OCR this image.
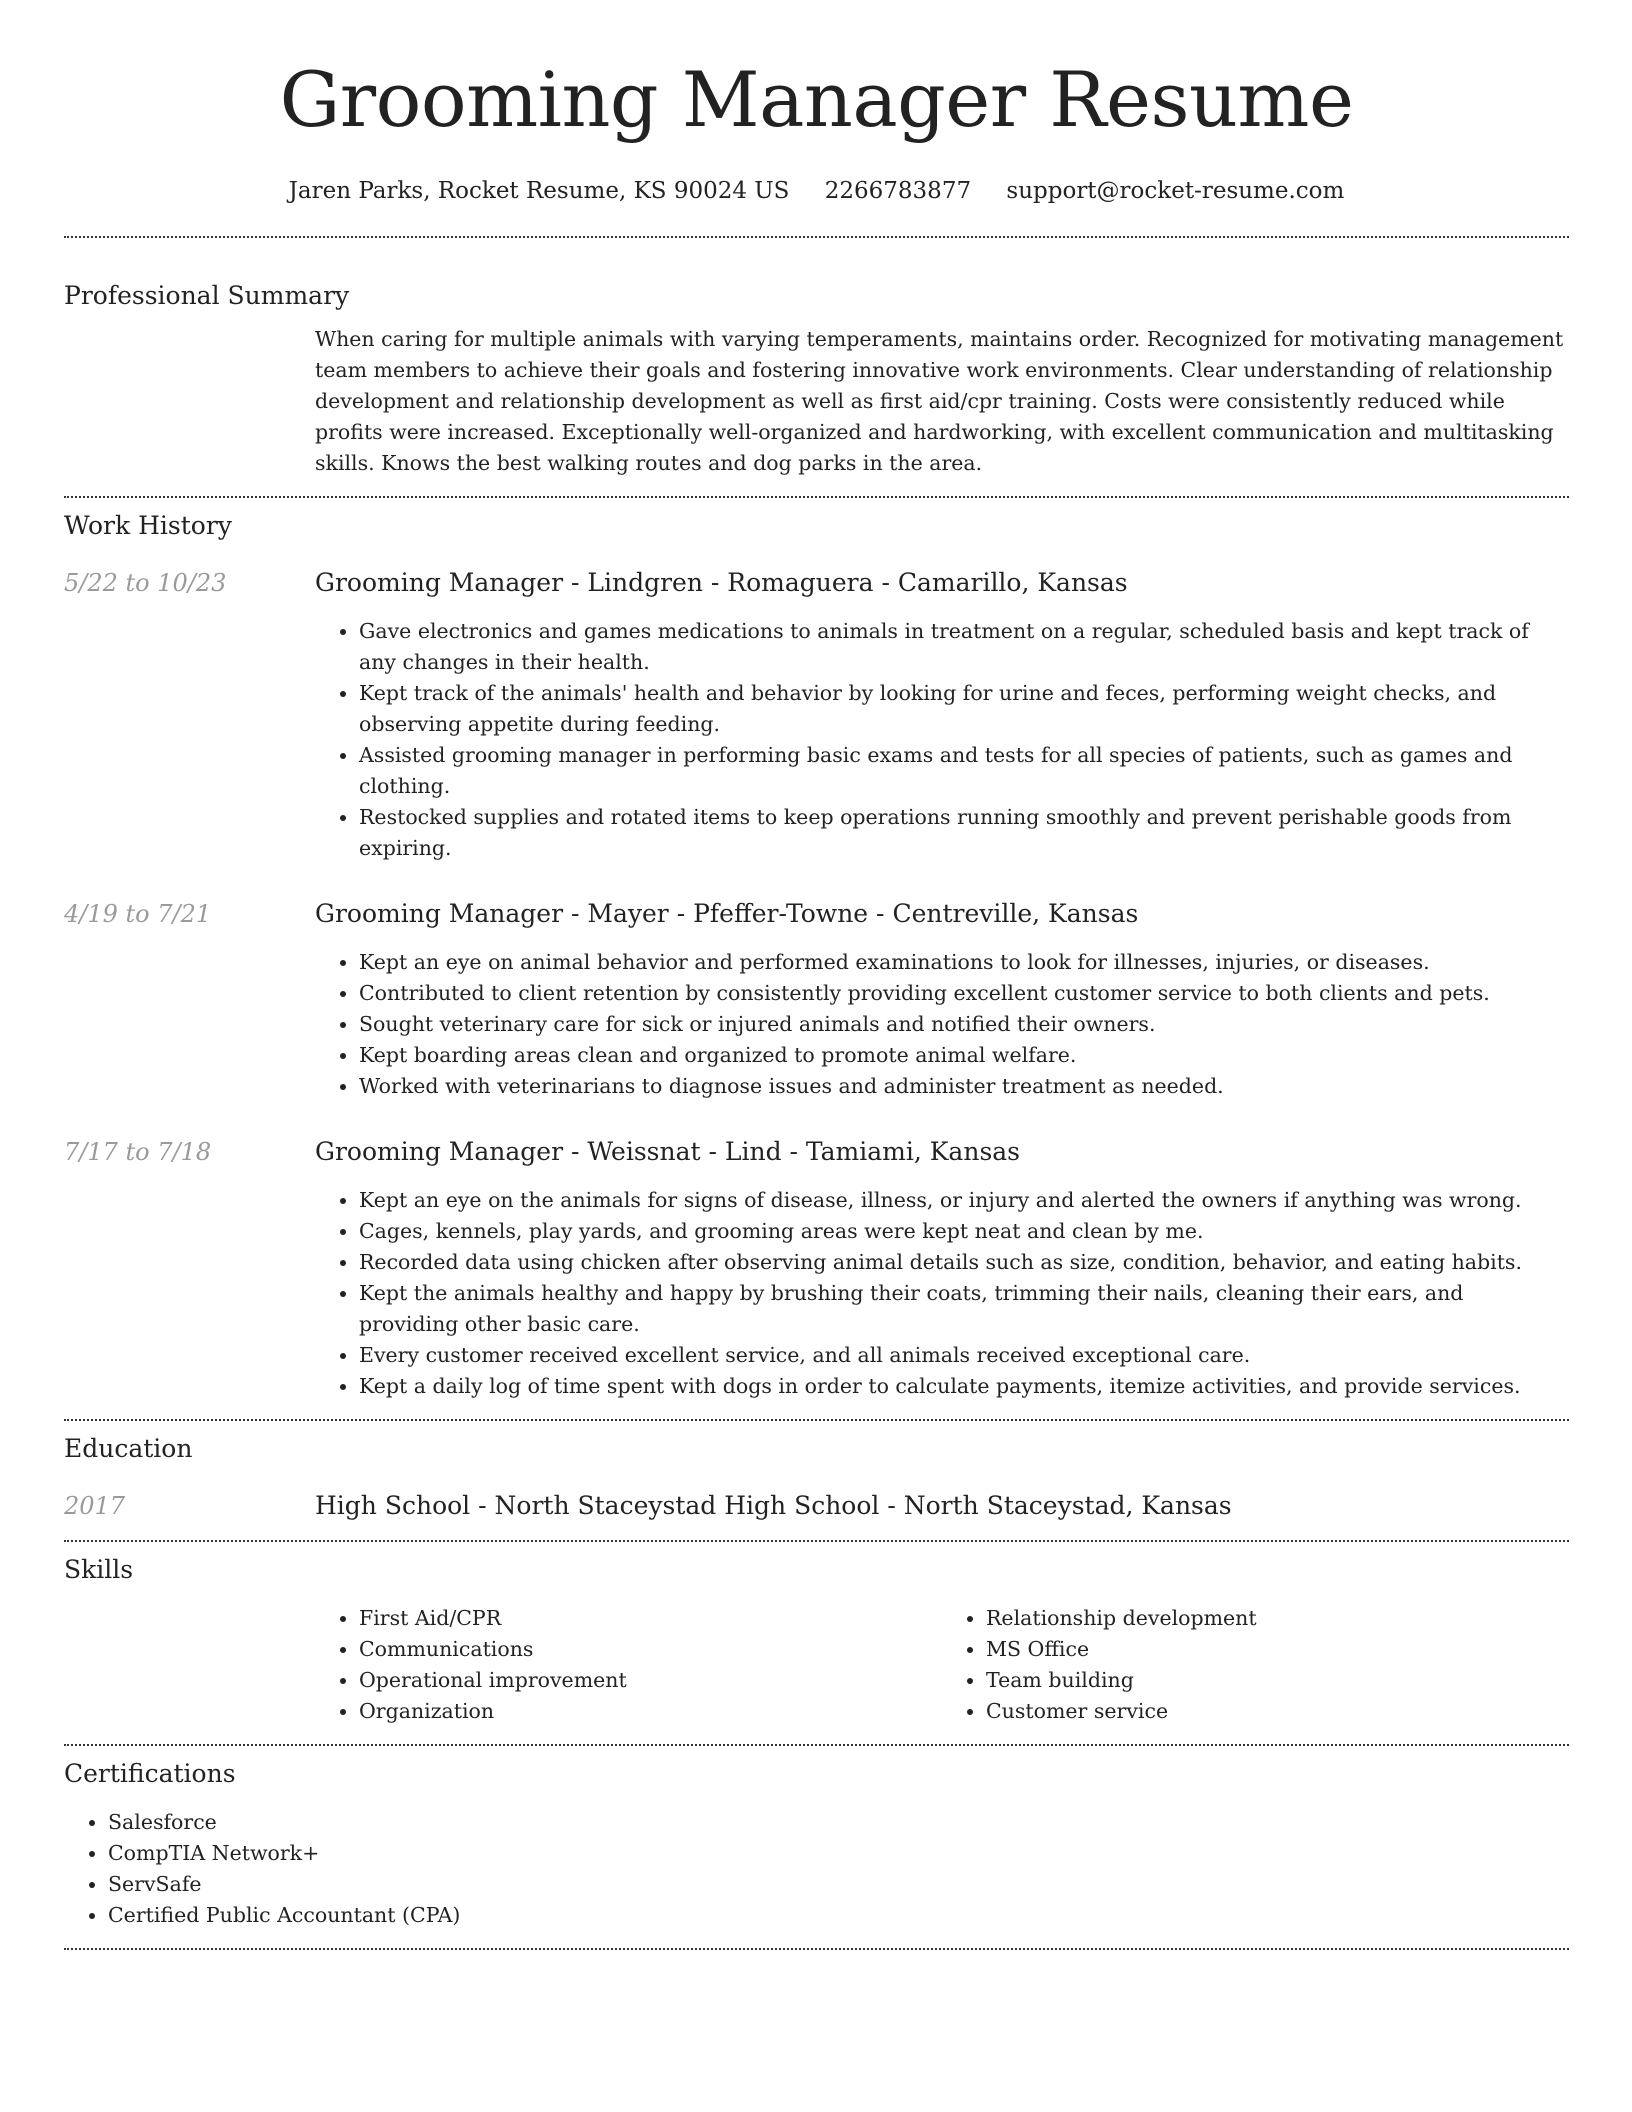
Grooming Manager Resume
Jaren Parks, Rocket Resume, KS 90024 US 2266783877 support@rocket-resume.com
Professional Summary
When caring for multiple animals with varying temperaments, maintains order. Recognized for motivating management team members to achieve their goals and fostering innovative work environments. Clear understanding of relationship development and relationship development as well as first aid/cpr training. Costs were consistently reduced while profits were increased. Exceptionally well-organized and hardworking, with excellent communication and multitasking skills. Knows the best walking routes and dog parks in the area.
Work History
5/22 to 10/23	Grooming Manager - Lindgren - Romaguera - Camarillo, Kansas
• Gave electronics and games medications to animals in treatment on a regular, scheduled basis and kept track of any changes in their health.
• Kept track of the animals' health and behavior by looking for urine and feces, performing weight checks, and observing appetite during feeding.
• Assisted grooming manager in performing basic exams and tests for all species of patients, such as games and clothing.
• Restocked supplies and rotated items to keep operations running smoothly and prevent perishable goods from expiring.
4/19 to 7/21	Grooming Manager - Mayer - Pfeffer-Towne - Centreville, Kansas
• Kept an eye on animal behavior and performed examinations to look for illnesses, injuries, or diseases.
• Contributed to client retention by consistently providing excellent customer service to both clients and pets.
• Sought veterinary care for sick or injured animals and notified their owners.
• Kept boarding areas clean and organized to promote animal welfare.
• Worked with veterinarians to diagnose issues and administer treatment as needed.
7/17 to 7/18	Grooming Manager - Weissnat - Lind - Tamiami, Kansas
• Kept an eye on the animals for signs of disease, illness, or injury and alerted the owners if anything was wrong.
• Cages, kennels, play yards, and grooming areas were kept neat and clean by me.
• Recorded data using chicken after observing animal details such as size, condition, behavior, and eating habits.
• Kept the animals healthy and happy by brushing their coats, trimming their nails, cleaning their ears, and providing other basic care.
• Every customer received excellent service, and all animals received exceptional care.
• Kept a daily log of time spent with dogs in order to calculate payments, itemize activities, and provide services.
Education
2017	High School - North Staceystad High School - North Staceystad, Kansas
Skills
• First Aid/CPR
• Communications
• Operational improvement
• Organization
• Relationship development
• MS Office
• Team building
• Customer service
Certifications
• Salesforce
• CompTIA Network+
• ServSafe
• Certified Public Accountant (CPA)
